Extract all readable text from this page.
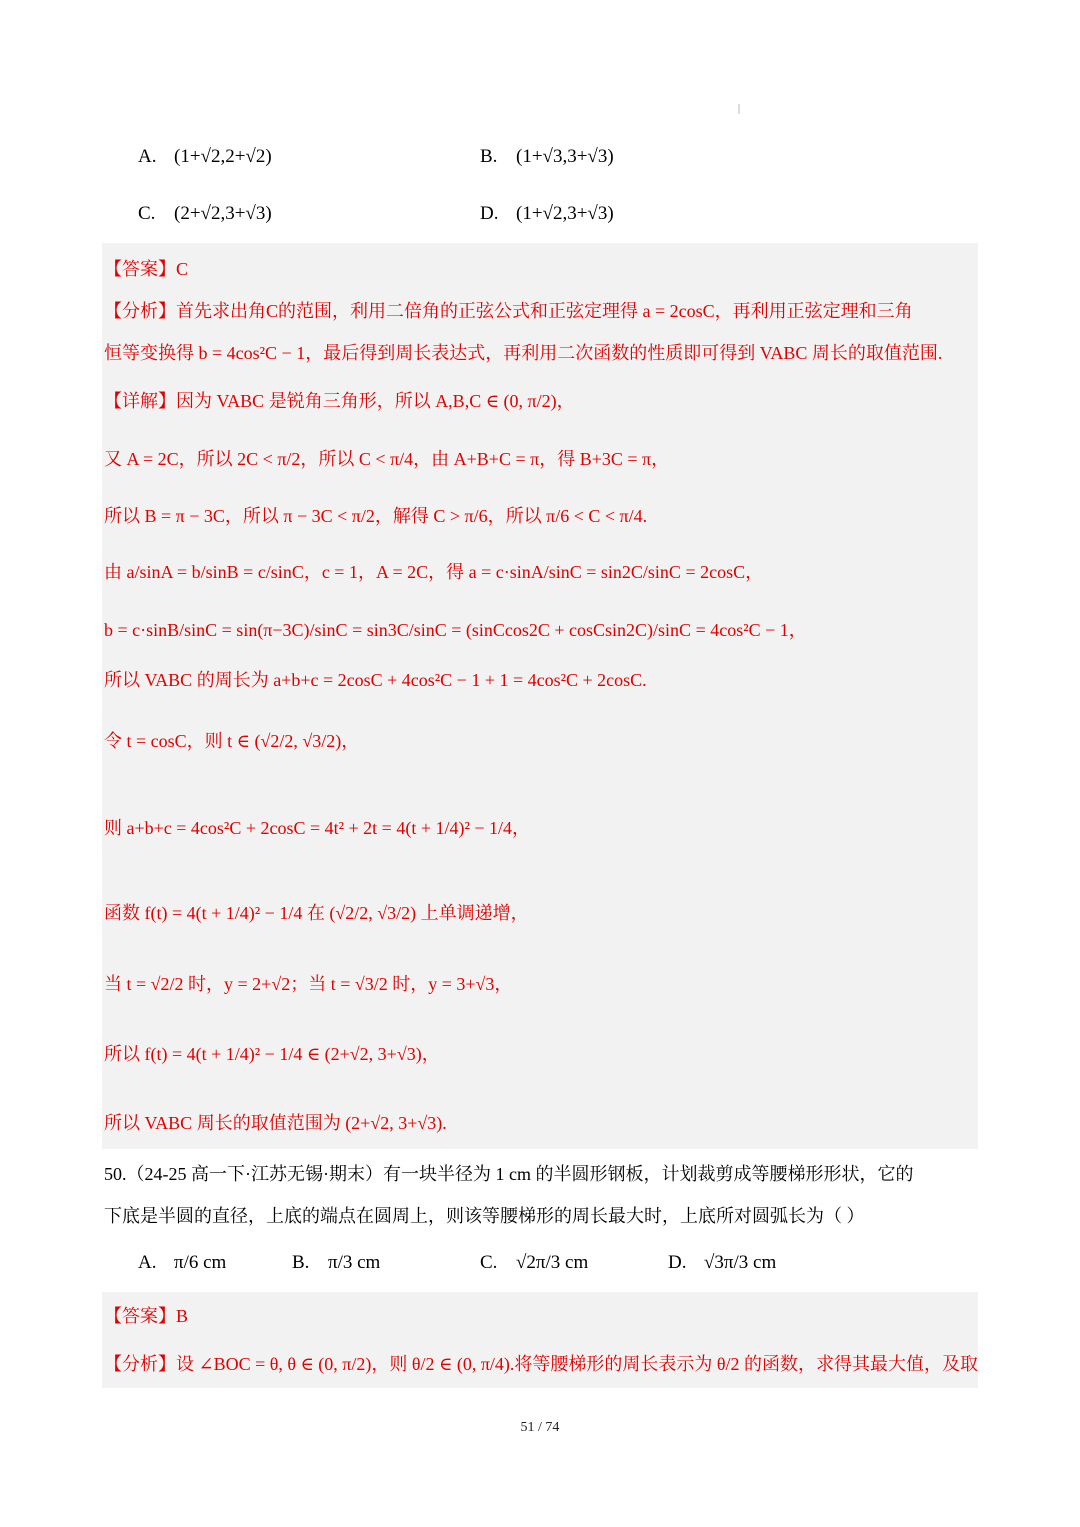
A. (1+√2,2+√2)	B. (1+√3,3+√3)
C. (2+√2,3+√3)	D. (1+√2,3+√3)
【答案】C
【分析】首先求出角C的范围，利用二倍角的正弦公式和正弦定理得 a = 2cosC，再利用正弦定理和三角
恒等变换得 b = 4cos²C − 1，最后得到周长表达式，再利用二次函数的性质即可得到 VABC 周长的取值范围.
【详解】因为 VABC 是锐角三角形，所以 A,B,C ∈ (0, π/2)，
又 A = 2C，所以 2C < π/2，所以 C < π/4，由 A+B+C = π，得 B+3C = π，
所以 B = π − 3C，所以 π − 3C < π/2，解得 C > π/6，所以 π/6 < C < π/4.
由 a/sinA = b/sinB = c/sinC，c = 1，A = 2C，得 a = c·sinA/sinC = sin2C/sinC = 2cosC，
b = c·sinB/sinC = sin(π−3C)/sinC = sin3C/sinC = (sinCcos2C + cosCsin2C)/sinC = 4cos²C − 1，
所以 VABC 的周长为 a+b+c = 2cosC + 4cos²C − 1 + 1 = 4cos²C + 2cosC.
令 t = cosC，则 t ∈ (√2/2, √3/2)，
则 a+b+c = 4cos²C + 2cosC = 4t² + 2t = 4(t + 1/4)² − 1/4，
函数 f(t) = 4(t + 1/4)² − 1/4 在 (√2/2, √3/2) 上单调递增，
当 t = √2/2 时，y = 2+√2；当 t = √3/2 时，y = 3+√3，
所以 f(t) = 4(t + 1/4)² − 1/4 ∈ (2+√2, 3+√3)，
所以 VABC 周长的取值范围为 (2+√2, 3+√3).
50.（24-25 高一下·江苏无锡·期末）有一块半径为 1 cm 的半圆形钢板，计划裁剪成等腰梯形形状，它的
下底是半圆的直径，上底的端点在圆周上，则该等腰梯形的周长最大时，上底所对圆弧长为（ ）
A. π/6 cm	B. π/3 cm	C. √2π/3 cm	D. √3π/3 cm
【答案】B
【分析】设 ∠BOC = θ, θ ∈ (0, π/2)，则 θ/2 ∈ (0, π/4).将等腰梯形的周长表示为 θ/2 的函数，求得其最大值，及取
51 / 74
